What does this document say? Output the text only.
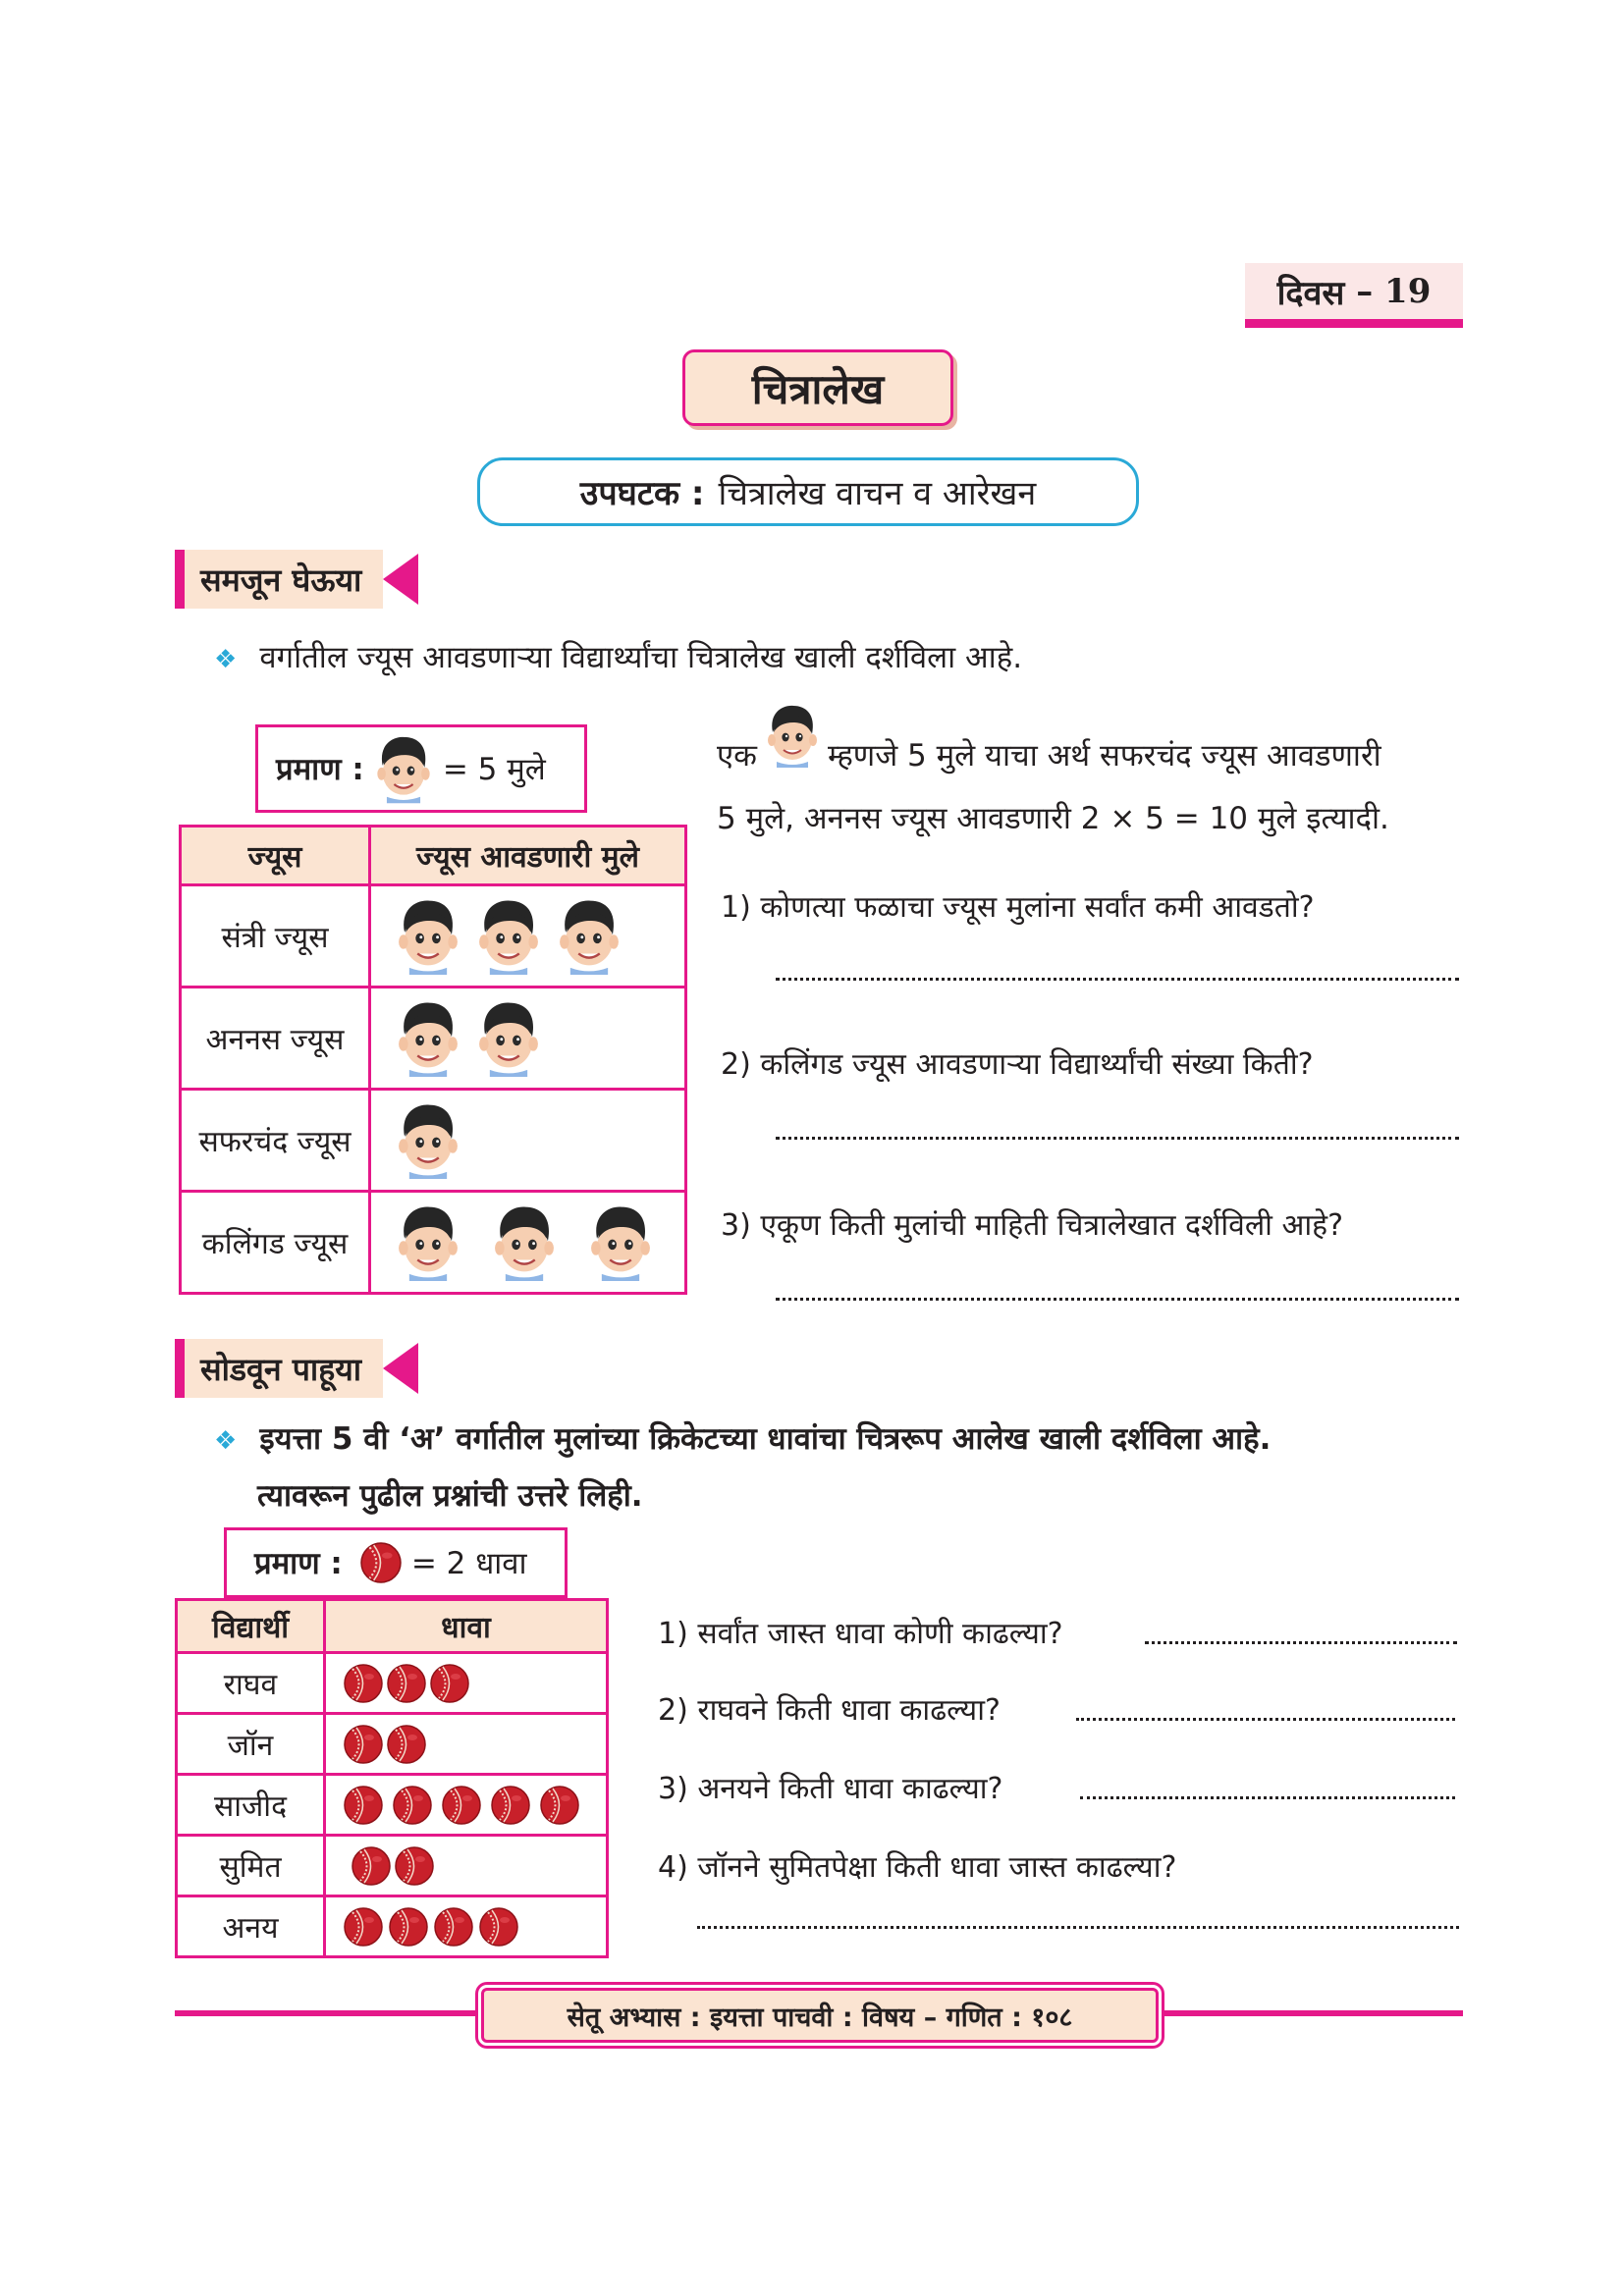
दिवस
–
19
चित्रालेख
उपघटक : चित्रालेख वाचन व आरेखन
समजून घेऊया
❖ वर्गातील ज्यूस आवडणाऱ्या विद्यार्थ्यांचा चित्रालेख खाली दर्शविला आहे.
प्रमाण :	= 5 मुले
ज्यूस	ज्यूस आवडणारी मुले
संत्री ज्यूस	

अननस ज्यूस	

सफरचंद ज्यूस	

कलिंगड ज्यूस	
एक म्हणजे 5 मुले याचा अर्थ सफरचंद ज्यूस आवडणारी
5 मुले, अननस ज्यूस आवडणारी 2 × 5 = 10 मुले इत्यादी.
1) कोणत्या फळाचा ज्यूस मुलांना सर्वांत कमी आवडतो?
2) कलिंगड ज्यूस आवडणाऱ्या विद्यार्थ्यांची संख्या किती?
3) एकूण किती मुलांची माहिती चित्रालेखात दर्शविली आहे?
सोडवून पाहूया
❖ इयत्ता 5 वी ‘अ’ वर्गातील मुलांच्या क्रिकेटच्या धावांचा चित्ररूप आलेख खाली दर्शविला आहे.
त्यावरून पुढील प्रश्नांची उत्तरे लिही.
प्रमाण : = 2 धावा
विद्यार्थी	धावा
राघव	

जॉन	

साजीद	

सुमित	

अनय	
1) सर्वांत जास्त धावा कोणी काढल्या?
2) राघवने किती धावा काढल्या?
3) अनयने किती धावा काढल्या?
4) जॉनने सुमितपेक्षा किती धावा जास्त काढल्या?
सेतू अभ्यास : इयत्ता पाचवी : विषय – गणित : १०८
